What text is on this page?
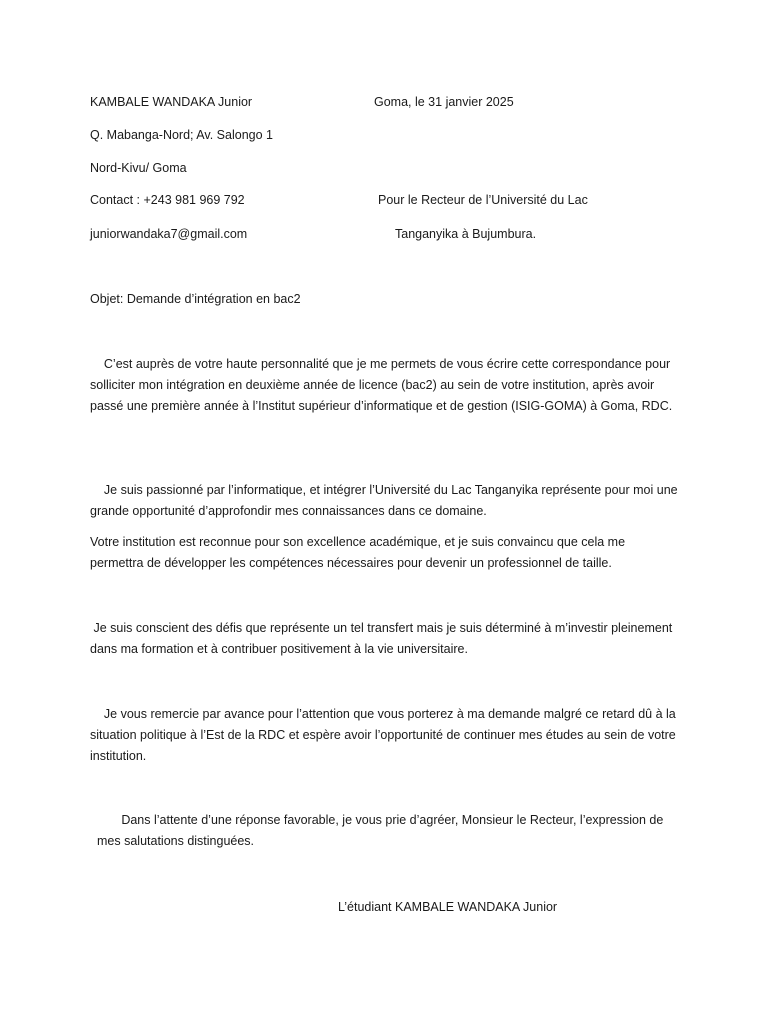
KAMBALE WANDAKA Junior	Goma, le 31 janvier 2025
Q. Mabanga-Nord; Av. Salongo 1
Nord-Kivu/ Goma
Contact : +243 981 969 792	Pour le Recteur de l’Université du Lac
juniorwandaka7@gmail.com	Tanganyika à Bujumbura.
Objet: Demande d’intégration en bac2
C’est auprès de votre haute personnalité que je me permets de vous écrire cette correspondance pour solliciter mon intégration en deuxième année de licence (bac2) au sein de votre institution, après avoir passé une première année à l’Institut supérieur d’informatique et de gestion (ISIG-GOMA) à Goma, RDC.
Je suis passionné par l’informatique, et intégrer l’Université du Lac Tanganyika représente pour moi une grande opportunité d’approfondir mes connaissances dans ce domaine.
Votre institution est reconnue pour son excellence académique, et je suis convaincu que cela me permettra de développer les compétences nécessaires pour devenir un professionnel de taille.
Je suis conscient des défis que représente un tel transfert mais je suis déterminé à m’investir pleinement dans ma formation et à contribuer positivement à la vie universitaire.
Je vous remercie par avance pour l’attention que vous porterez à ma demande malgré ce retard dû à la situation politique à l’Est de la RDC et espère avoir l’opportunité de continuer mes études au sein de votre institution.
Dans l’attente d’une réponse favorable, je vous prie d’agréer, Monsieur le Recteur, l’expression de mes salutations distinguées.
L’étudiant KAMBALE WANDAKA Junior
